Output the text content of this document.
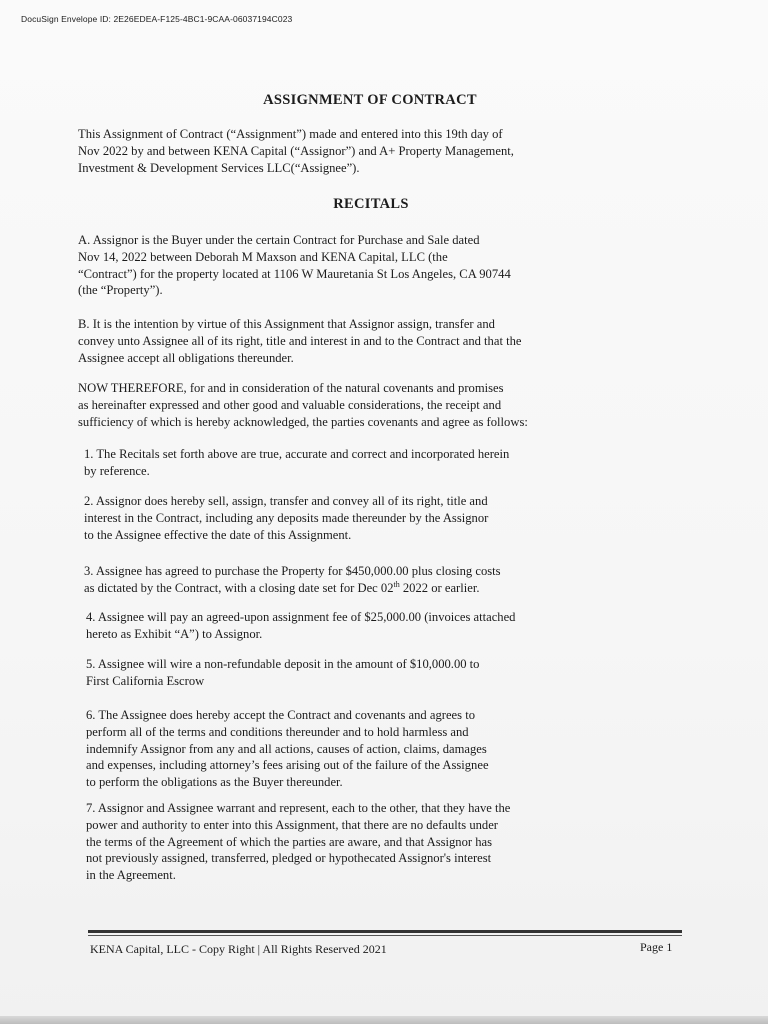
DocuSign Envelope ID: 2E26EDEA-F125-4BC1-9CAA-06037194C023
ASSIGNMENT OF CONTRACT
This Assignment of Contract (“Assignment”) made and entered into this 19th day of
Nov 2022 by and between KENA Capital (“Assignor”) and A+ Property Management,
Investment & Development Services LLC(“Assignee”).
RECITALS
A. Assignor is the Buyer under the certain Contract for Purchase and Sale dated
Nov 14, 2022 between Deborah M Maxson and KENA Capital, LLC (the
“Contract”) for the property located at 1106 W Mauretania St Los Angeles, CA 90744
(the “Property”).
B. It is the intention by virtue of this Assignment that Assignor assign, transfer and
convey unto Assignee all of its right, title and interest in and to the Contract and that the
Assignee accept all obligations thereunder.
NOW THEREFORE, for and in consideration of the natural covenants and promises
as hereinafter expressed and other good and valuable considerations, the receipt and
sufficiency of which is hereby acknowledged, the parties covenants and agree as follows:
1. The Recitals set forth above are true, accurate and correct and incorporated herein
by reference.
2. Assignor does hereby sell, assign, transfer and convey all of its right, title and
interest in the Contract, including any deposits made thereunder by the Assignor
to the Assignee effective the date of this Assignment.
3. Assignee has agreed to purchase the Property for $450,000.00 plus closing costs
as dictated by the Contract, with a closing date set for Dec 02th 2022 or earlier.
4. Assignee will pay an agreed-upon assignment fee of $25,000.00 (invoices attached
hereto as Exhibit “A”) to Assignor.
5. Assignee will wire a non-refundable deposit in the amount of $10,000.00 to
First California Escrow
6. The Assignee does hereby accept the Contract and covenants and agrees to
perform all of the terms and conditions thereunder and to hold harmless and
indemnify Assignor from any and all actions, causes of action, claims, damages
and expenses, including attorney’s fees arising out of the failure of the Assignee
to perform the obligations as the Buyer thereunder.
7. Assignor and Assignee warrant and represent, each to the other, that they have the
power and authority to enter into this Assignment, that there are no defaults under
the terms of the Agreement of which the parties are aware, and that Assignor has
not previously assigned, transferred, pledged or hypothecated Assignor's interest
in the Agreement.
KENA Capital, LLC - Copy Right | All Rights Reserved 2021	Page 1
